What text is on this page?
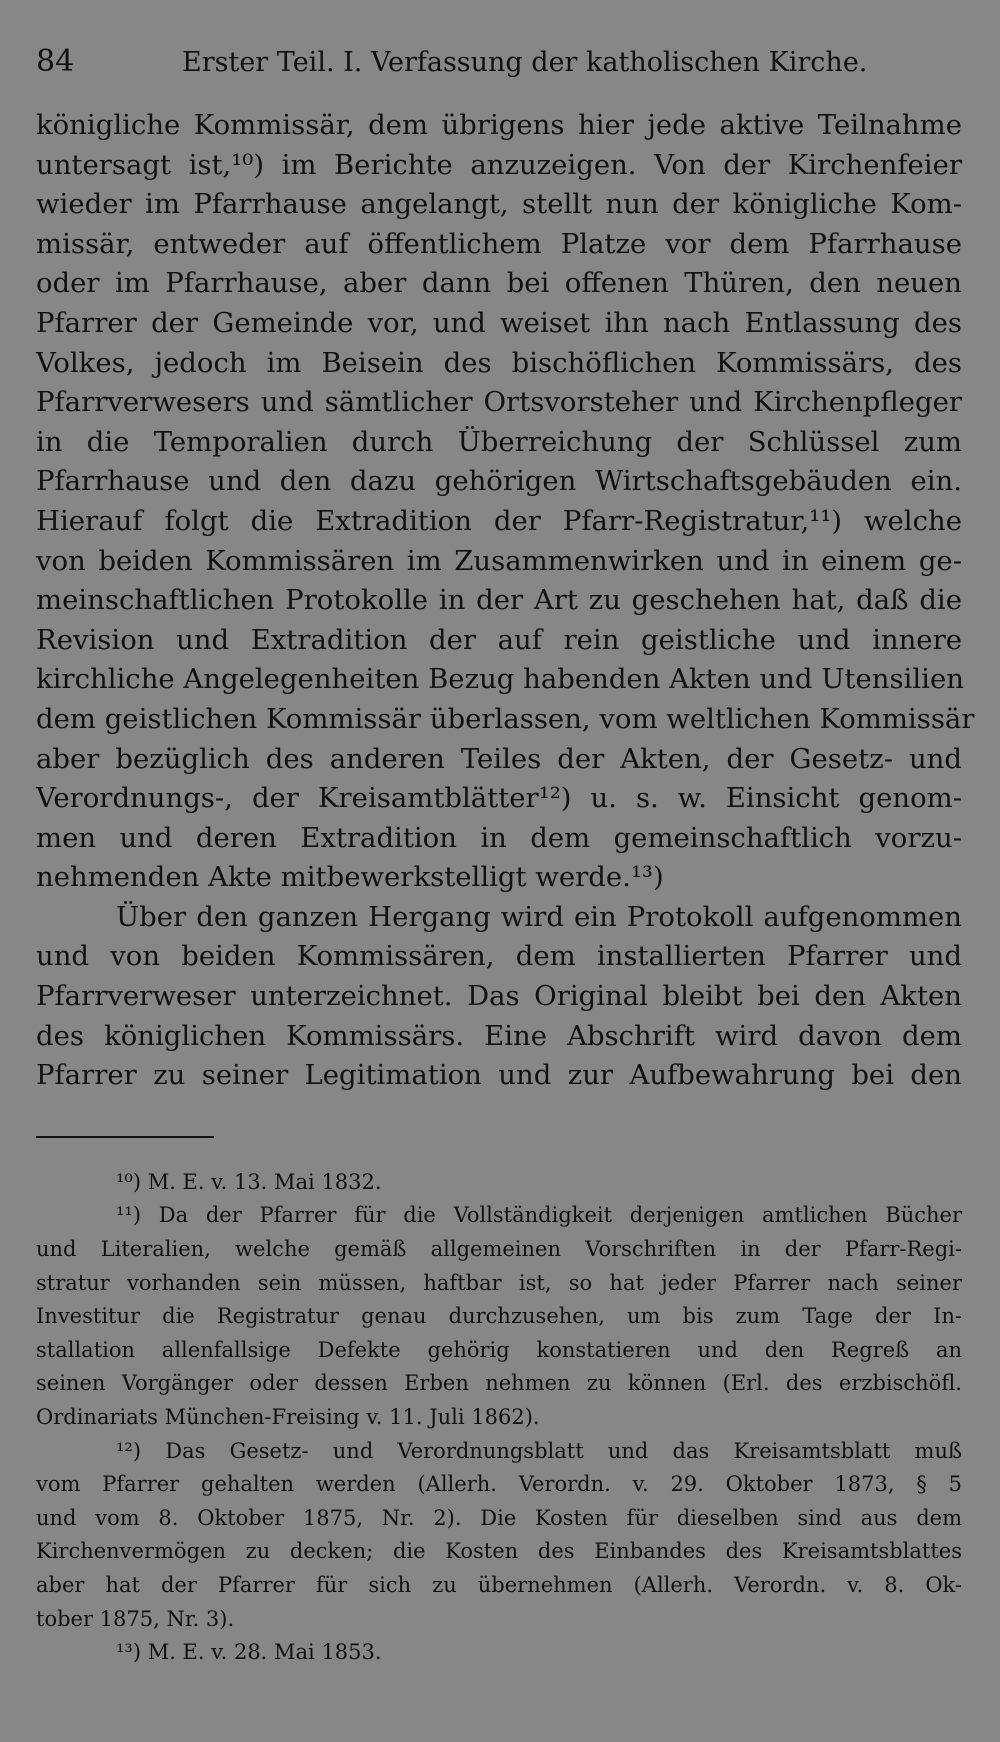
84	Erster Teil. I. Verfassung der katholischen Kirche.
königliche Kommissär, dem übrigens hier jede aktive Teilnahme
untersagt ist,¹⁰) im Berichte anzuzeigen. Von der Kirchenfeier
wieder im Pfarrhause angelangt, stellt nun der königliche Kom-
missär, entweder auf öffentlichem Platze vor dem Pfarrhause
oder im Pfarrhause, aber dann bei offenen Thüren, den neuen
Pfarrer der Gemeinde vor, und weiset ihn nach Entlassung des
Volkes, jedoch im Beisein des bischöflichen Kommissärs, des
Pfarrverwesers und sämtlicher Ortsvorsteher und Kirchenpfleger
in die Temporalien durch Überreichung der Schlüssel zum
Pfarrhause und den dazu gehörigen Wirtschaftsgebäuden ein.
Hierauf folgt die Extradition der Pfarr-Registratur,¹¹) welche
von beiden Kommissären im Zusammenwirken und in einem ge-
meinschaftlichen Protokolle in der Art zu geschehen hat, daß die
Revision und Extradition der auf rein geistliche und innere
kirchliche Angelegenheiten Bezug habenden Akten und Utensilien
dem geistlichen Kommissär überlassen, vom weltlichen Kommissär
aber bezüglich des anderen Teiles der Akten, der Gesetz- und
Verordnungs-, der Kreisamtblätter¹²) u. s. w. Einsicht genom-
men und deren Extradition in dem gemeinschaftlich vorzu-
nehmenden Akte mitbewerkstelligt werde.¹³)
Über den ganzen Hergang wird ein Protokoll aufgenommen
und von beiden Kommissären, dem installierten Pfarrer und
Pfarrverweser unterzeichnet. Das Original bleibt bei den Akten
des königlichen Kommissärs. Eine Abschrift wird davon dem
Pfarrer zu seiner Legitimation und zur Aufbewahrung bei den
¹⁰) M. E. v. 13. Mai 1832.
¹¹) Da der Pfarrer für die Vollständigkeit derjenigen amtlichen Bücher
und Literalien, welche gemäß allgemeinen Vorschriften in der Pfarr-Regi-
stratur vorhanden sein müssen, haftbar ist, so hat jeder Pfarrer nach seiner
Investitur die Registratur genau durchzusehen, um bis zum Tage der In-
stallation allenfallsige Defekte gehörig konstatieren und den Regreß an
seinen Vorgänger oder dessen Erben nehmen zu können (Erl. des erzbischöfl.
Ordinariats München-Freising v. 11. Juli 1862).
¹²) Das Gesetz- und Verordnungsblatt und das Kreisamtsblatt muß
vom Pfarrer gehalten werden (Allerh. Verordn. v. 29. Oktober 1873, § 5
und vom 8. Oktober 1875, Nr. 2). Die Kosten für dieselben sind aus dem
Kirchenvermögen zu decken; die Kosten des Einbandes des Kreisamtsblattes
aber hat der Pfarrer für sich zu übernehmen (Allerh. Verordn. v. 8. Ok-
tober 1875, Nr. 3).
¹³) M. E. v. 28. Mai 1853.
